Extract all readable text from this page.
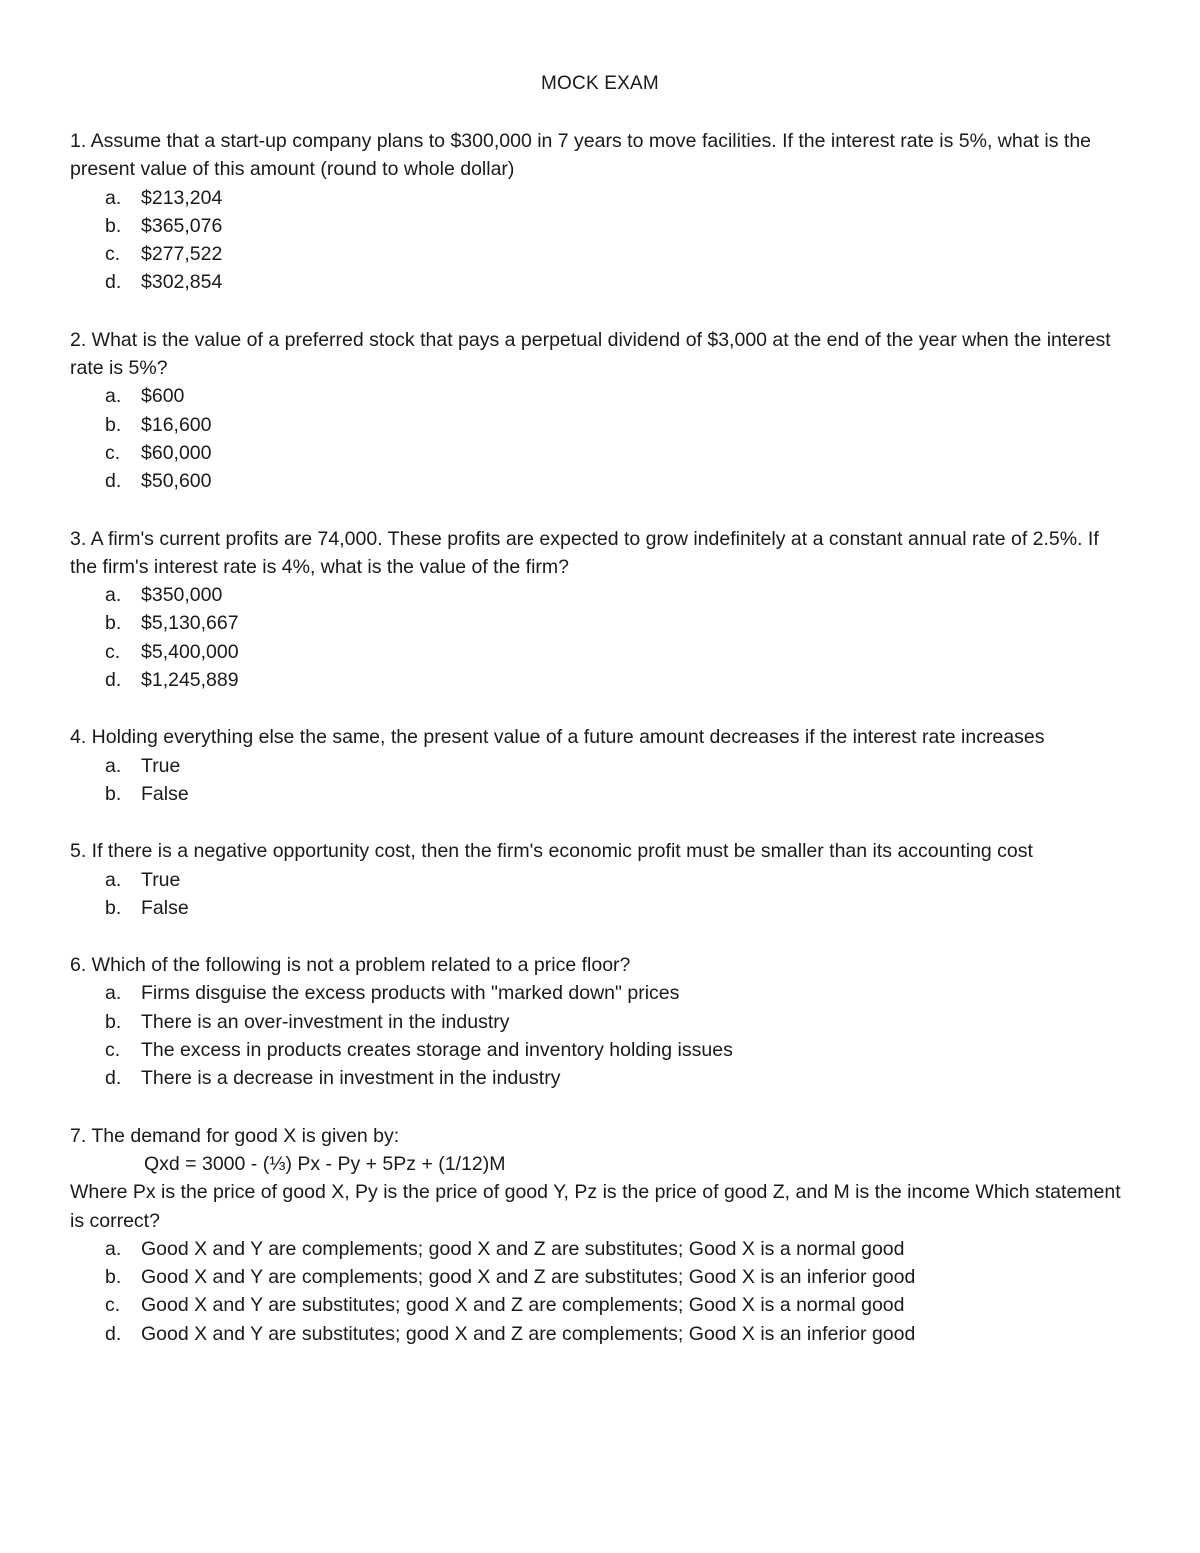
MOCK EXAM

1. Assume that a start-up company plans to $300,000 in 7 years to move facilities. If the interest rate is 5%, what is the present value of this amount (round to whole dollar)

a.	$213,204
b.	$365,076
c.	$277,522
d.	$302,854

2. What is the value of a preferred stock that pays a perpetual dividend of $3,000 at the end of the year when the interest rate is 5%?

a.	$600
b.	$16,600
c.	$60,000
d.	$50,600

3. A firm's current profits are 74,000. These profits are expected to grow indefinitely at a constant annual rate of 2.5%. If the firm's interest rate is 4%, what is the value of the firm?

a.	$350,000
b.	$5,130,667
c.	$5,400,000
d.	$1,245,889

4. Holding everything else the same, the present value of a future amount decreases if the interest rate increases

a.	True
b.	False

5. If there is a negative opportunity cost, then the firm's economic profit must be smaller than its accounting cost

a.	True
b.	False

6. Which of the following is not a problem related to a price floor?

a.	Firms disguise the excess products with "marked down" prices
b.	There is an over-investment in the industry
c.	The excess in products creates storage and inventory holding issues
d.	There is a decrease in investment in the industry

7. The demand for good X is given by:

Qxd = 3000 - (⅓) Px - Py + 5Pz + (1/12)M

Where Px is the price of good X, Py is the price of good Y, Pz is the price of good Z, and M is the income Which statement is correct?

a.	Good X and Y are complements; good X and Z are substitutes; Good X is a normal good
b.	Good X and Y are complements; good X and Z are substitutes; Good X is an inferior good
c.	Good X and Y are substitutes; good X and Z are complements; Good X is a normal good
d.	Good X and Y are substitutes; good X and Z are complements; Good X is an inferior good
